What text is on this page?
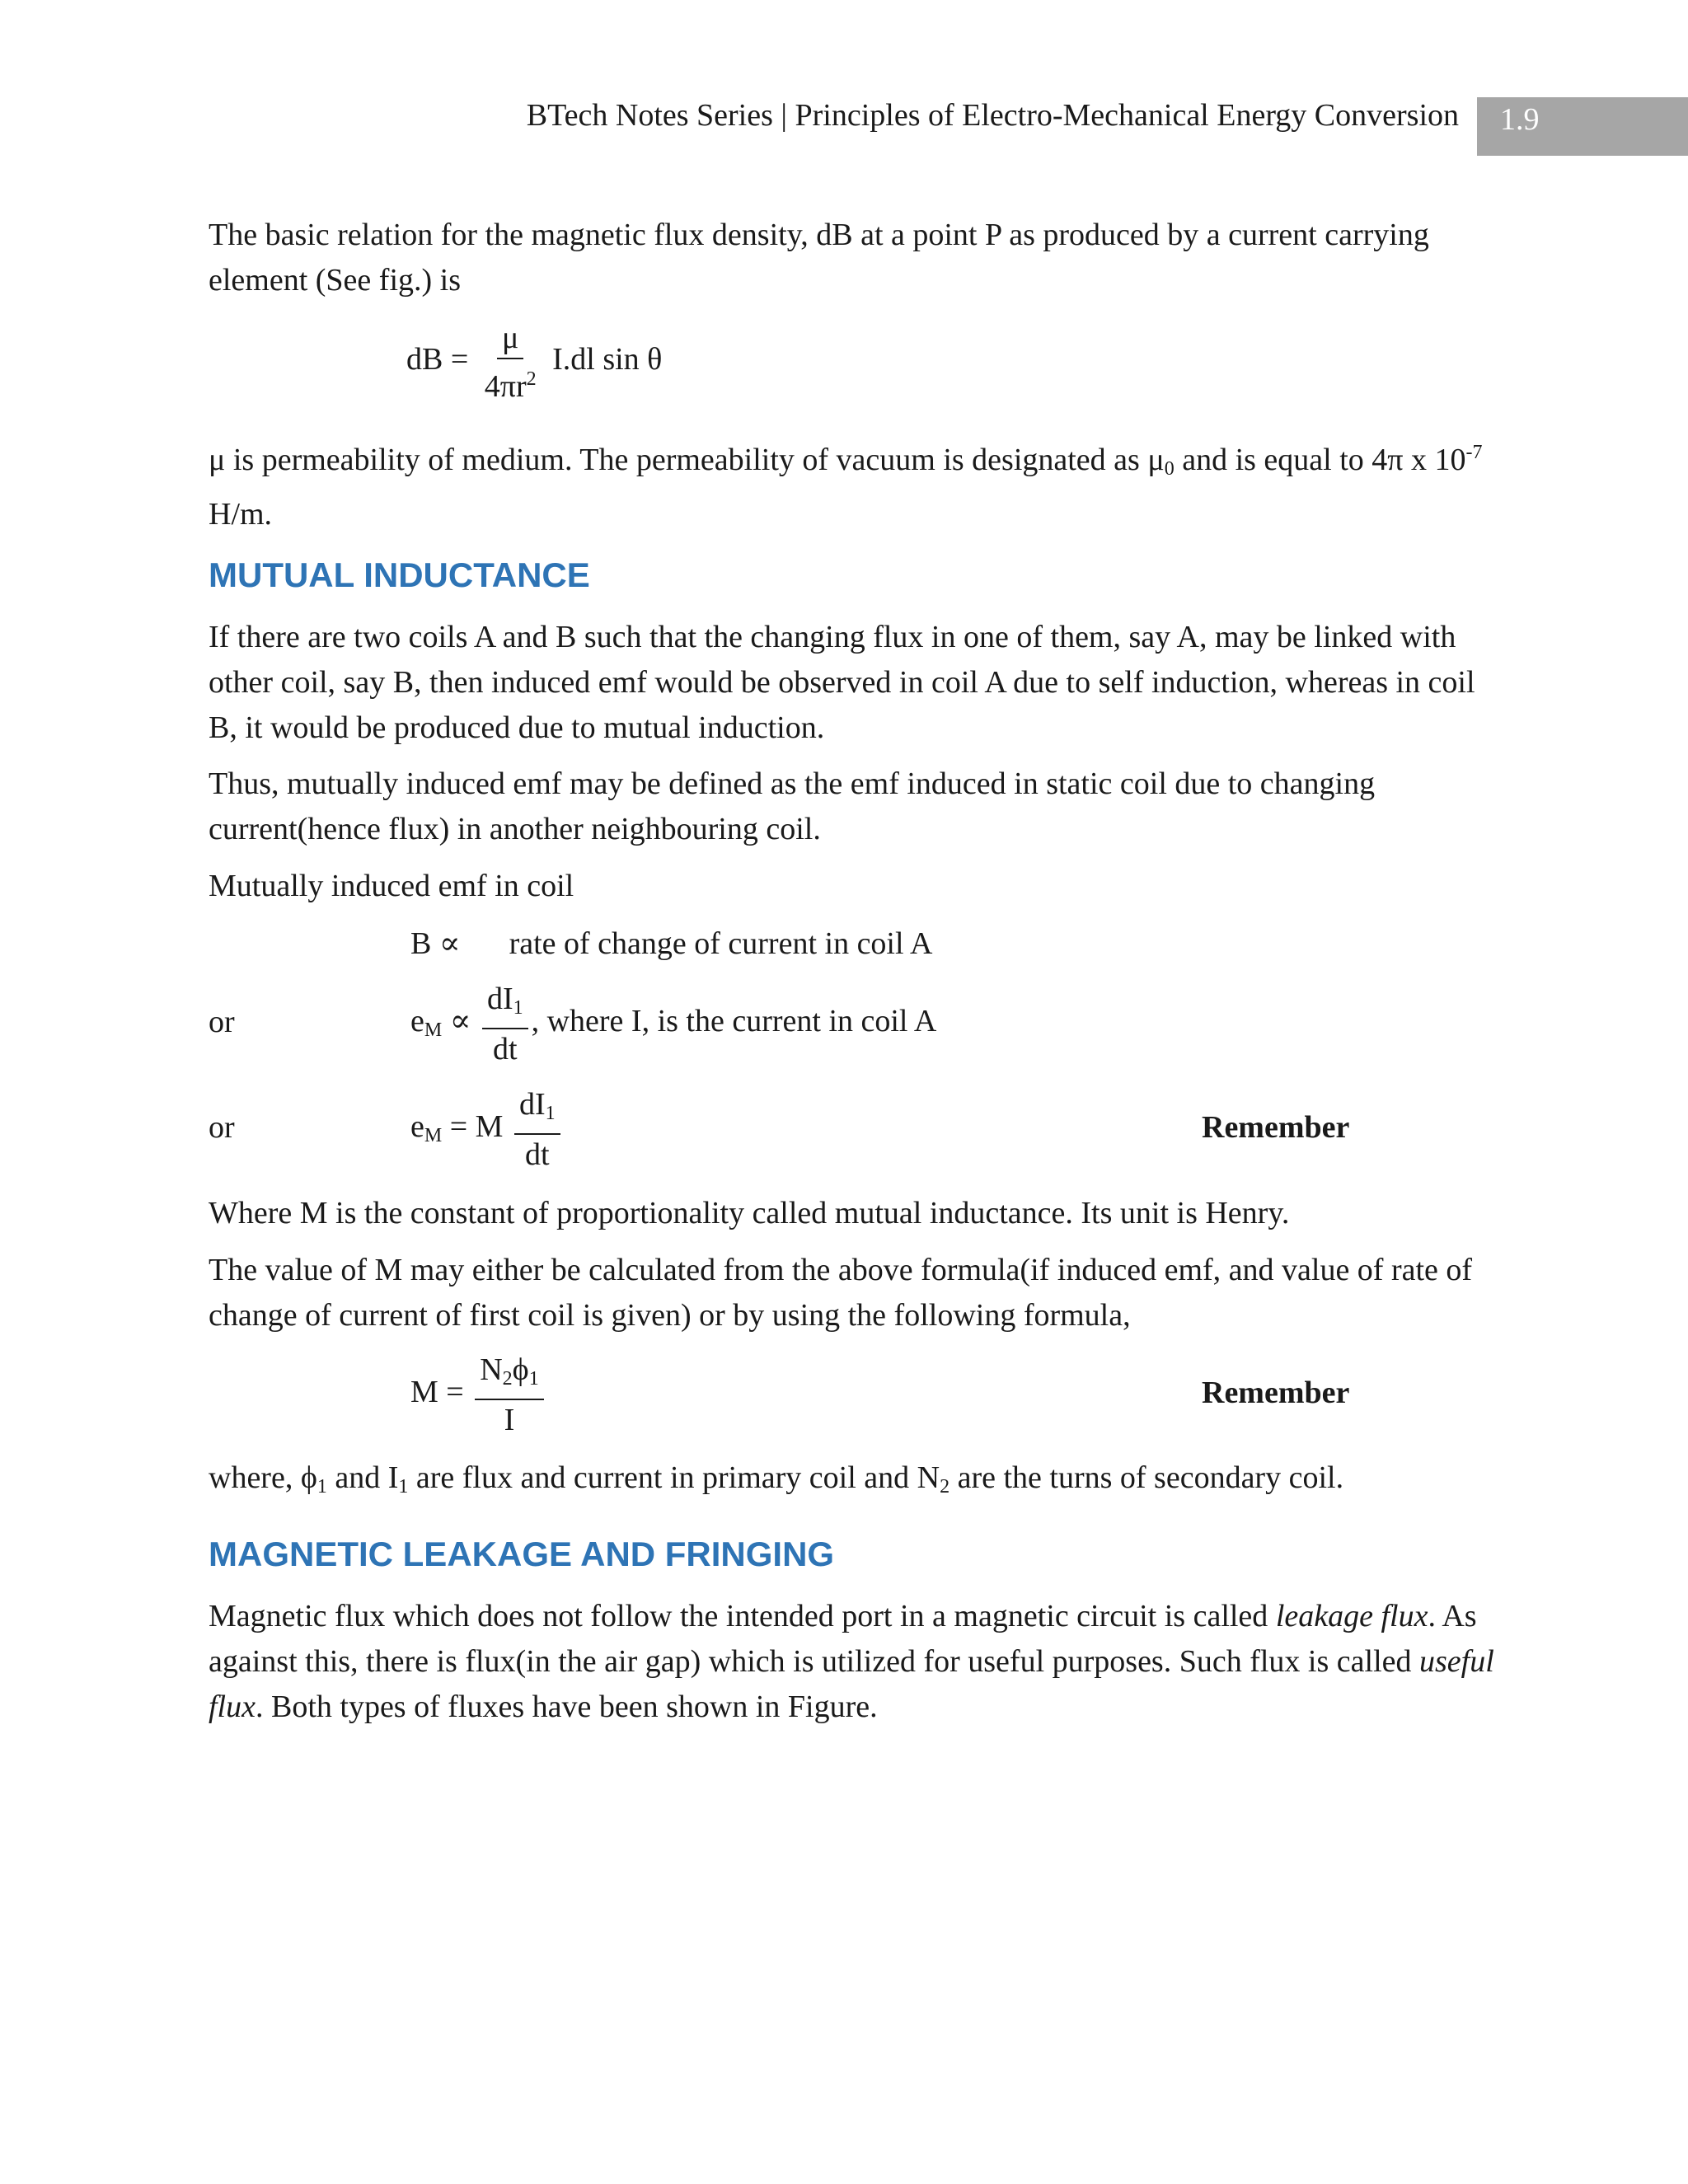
BTech Notes Series | Principles of Electro-Mechanical Energy Conversion	1.9

The basic relation for the magnetic flux density, dB at a point P as produced by a current carrying element (See fig.) is

dB = $\frac{\mu}{4\pi r^2} I.dl$ sin θ

μ is permeability of medium. The permeability of vacuum is designated as $\mu_0$ and is equal to 4π x $10^{-7}$ H/m.

MUTUAL INDUCTANCE

If there are two coils A and B such that the changing flux in one of them, say A, may be linked with other coil, say B, then induced emf would be observed in coil A due to self induction, whereas in coil B, it would be produced due to mutual induction.

Thus, mutually induced emf may be defined as the emf induced in static coil due to changing current(hence flux) in another neighbouring coil.

Mutually induced emf in coil

B ∝ rate of change of current in coil A
or	$e_M \propto \frac{dI_1}{dt}$ , where I, is the current in coil A
or	$e_M = M \frac{dI_1}{dt}$	Remember

Where M is the constant of proportionality called mutual inductance. Its unit is Henry.

The value of M may either be calculated from the above formula(if induced emf, and value of rate of change of current of first coil is given) or by using the following formula,

$M = \frac{N_2\phi_1}{I}$	Remember

where, $\phi_1$ and $I_1$ are flux and current in primary coil and $N_2$ are the turns of secondary coil.

MAGNETIC LEAKAGE AND FRINGING

Magnetic flux which does not follow the intended port in a magnetic circuit is called leakage flux. As against this, there is flux(in the air gap) which is utilized for useful purposes. Such flux is called useful flux. Both types of fluxes have been shown in Figure.
